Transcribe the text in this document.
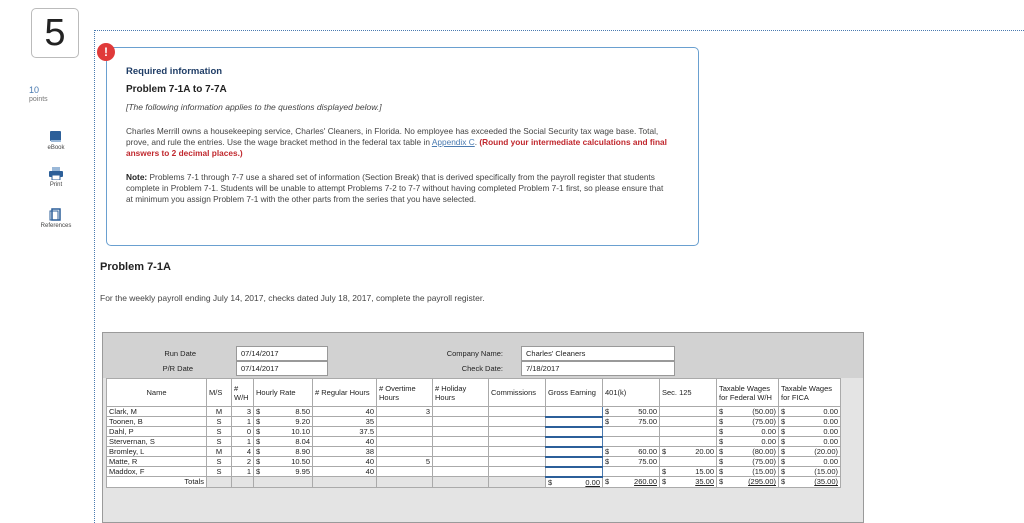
5
10
points
eBook
Print
References
!
Required information
Problem 7-1A to 7-7A
[The following information applies to the questions displayed below.]
Charles Merrill owns a housekeeping service, Charles' Cleaners, in Florida. No employee has exceeded the Social Security tax wage base. Total, prove, and rule the entries. Use the wage bracket method in the federal tax table in Appendix C. (Round your intermediate calculations and final answers to 2 decimal places.)
Note: Problems 7-1 through 7-7 use a shared set of information (Section Break) that is derived specifically from the payroll register that students complete in Problem 7-1. Students will be unable to attempt Problems 7-2 to 7-7 without having completed Problem 7-1 first, so please ensure that at minimum you assign Problem 7-1 with the other parts from the series that you have selected.
Problem 7-1A
For the weekly payroll ending July 14, 2017, checks dated July 18, 2017, complete the payroll register.
Run Date	07/14/2017
P/R Date	07/14/2017
Company Name:	Charles' Cleaners
Check Date:	7/18/2017
Name	M/S	# W/H	Hourly Rate	# Regular Hours	# Overtime Hours	# Holiday Hours	Commissions	Gross Earning	401(k)	Sec. 125	Taxable Wages for Federal W/H	Taxable Wages for FICA
Clark, M	M	3	$ 8.50	40	3				$ 50.00		$ (50.00)	$ 0.00

Toonen, B	S	1	$ 9.20	35					$ 75.00		$ (75.00)	$ 0.00

Dahl, P	S	0	$ 10.10	37.5							$ 0.00	$ 0.00

Stervernan, S	S	1	$ 8.04	40							$ 0.00	$ 0.00

Bromley, L	M	4	$ 8.90	38					$ 60.00	$ 20.00	$ (80.00)	$ (20.00)

Matte, R	S	2	$ 10.50	40	5				$ 75.00		$ (75.00)	$ 0.00

Maddox, F	S	1	$ 9.95	40						$ 15.00	$ (15.00)	$ (15.00)

Totals								$ 0.00	$ 260.00	$ 35.00	$ (295.00)	$ (35.00)
